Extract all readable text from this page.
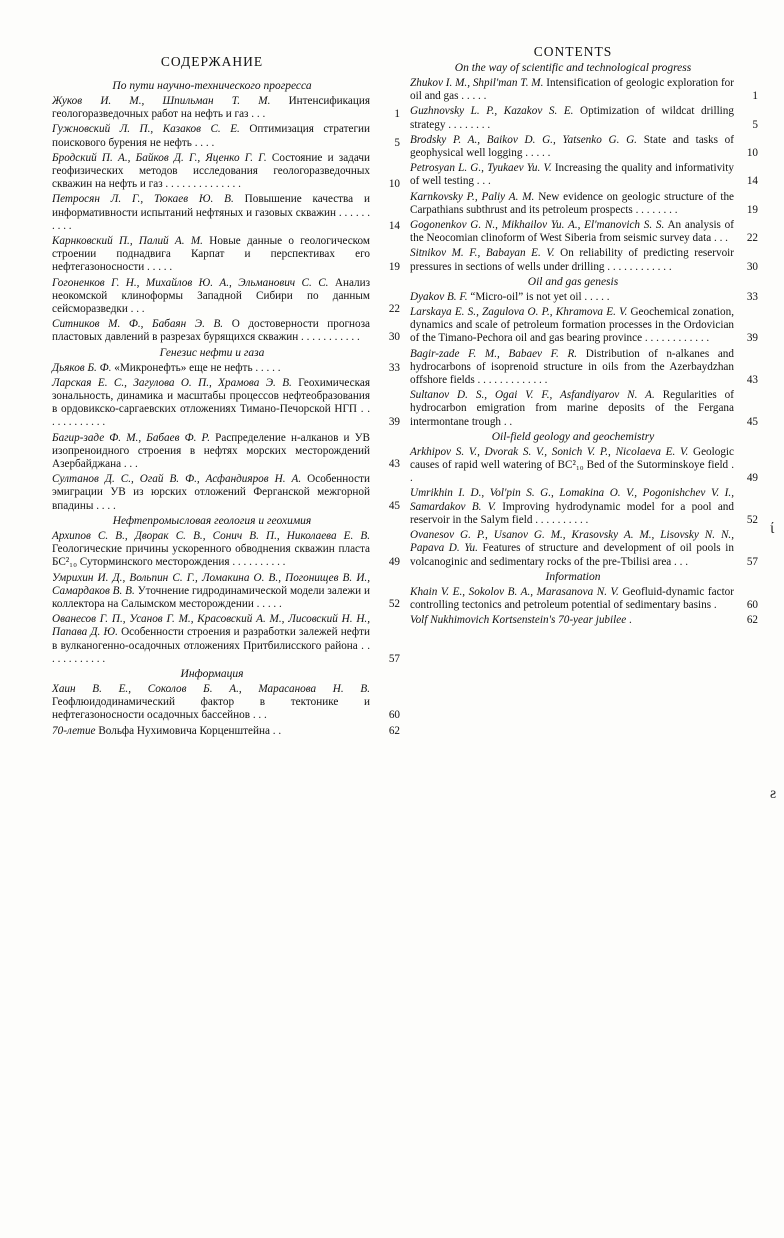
СОДЕРЖАНИЕ
По пути научно-технического прогресса
Жуков И. М., Шпильман Т. М. Интенсификация геологоразведочных работ на нефть и газ . . .	1
Гужновский Л. П., Казаков С. Е. Оптимизация стратегии поискового бурения не нефть . . . .	5
Бродский П. А., Байков Д. Г., Яценко Г. Г. Состояние и задачи геофизических методов исследования геологоразведочных скважин на нефть и газ . . . . . . . . . . . . . .	10
Петросян Л. Г., Тюкаев Ю. В. Повышение качества и информативности испытаний нефтяных и газовых скважин . . . . . . . . . .	14
Карнковский П., Палий А. М. Новые данные о геологическом строении поднадвига Карпат и перспективах его нефтегазоносности . . . . .	19
Гогоненков Г. Н., Михайлов Ю. А., Эльманович С. С. Анализ неокомской клиноформы Западной Сибири по данным сейсморазведки . . .	22
Ситников М. Ф., Бабаян Э. В. О достоверности прогноза пластовых давлений в разрезах бурящихся скважин . . . . . . . . . . .	30
Генезис нефти и газа
Дьяков Б. Ф. «Микронефть» еще не нефть . . . . .	33
Ларская Е. С., Загулова О. П., Храмова Э. В. Геохимическая зональность, динамика и масштабы процессов нефтеобразования в ордовикско-саргаевских отложениях Тимано-Печорской НГП . . . . . . . . . . . .	39
Багир-заде Ф. М., Бабаев Ф. Р. Распределение н-алканов и УВ изопреноидного строения в нефтях морских месторождений Азербайджана . . .	43
Султанов Д. С., Огай В. Ф., Асфандияров Н. А. Особенности эмиграции УВ из юрских отложений Ферганской межгорной впадины . . . .	45
Нефтепромысловая геология и геохимия
Архипов С. В., Дворак С. В., Сонич В. П., Николаева Е. В. Геологические причины ускоренного обводнения скважин пласта БС²₁₀ Суторминского месторождения . . . . . . . . . .	49
Умрихин И. Д., Вольпин С. Г., Ломакина О. В., Погонищев В. И., Самардаков В. В. Уточнение гидродинамической модели залежи и коллектора на Салымском месторождении . . . . .	52
Ованесов Г. П., Усанов Г. М., Красовский А. М., Лисовский Н. Н., Папава Д. Ю. Особенности строения и разработки залежей нефти в вулканогенно-осадочных отложениях Притбилисского района . . . . . . . . . . . .	57
Информация
Хаин В. Е., Соколов Б. А., Марасанова Н. В. Геофлюидодинамический фактор в тектонике и нефтегазоносности осадочных бассейнов . . .	60
70-летие Вольфа Нухимовича Корценштейна . .	62
CONTENTS
On the way of scientific and technological progress
Zhukov I. M., Shpil'man T. M. Intensification of geologic exploration for oil and gas . . . . .	1
Guzhnovsky L. P., Kazakov S. E. Optimization of wildcat drilling strategy . . . . . . . .	5
Brodsky P. A., Baikov D. G., Yatsenko G. G. State and tasks of geophysical well logging . . . . .	10
Petrosyan L. G., Tyukaev Yu. V. Increasing the quality and informativity of well testing . . .	14
Karnkovsky P., Paliy A. M. New evidence on geologic structure of the Carpathians subthrust and its petroleum prospects . . . . . . . .	19
Gogonenkov G. N., Mikhailov Yu. A., El'manovich S. S. An analysis of the Neocomian clinoform of West Siberia from seismic survey data . . .	22
Sitnikov M. F., Babayan E. V. On reliability of predicting reservoir pressures in sections of wells under drilling . . . . . . . . . . . .	30
Oil and gas genesis
Dyakov B. F. “Micro-oil” is not yet oil . . . . .	33
Larskaya E. S., Zagulova O. P., Khramova E. V. Geochemical zonation, dynamics and scale of petroleum formation processes in the Ordovician of the Timano-Pechora oil and gas bearing province . . . . . . . . . . . .	39
Bagir-zade F. M., Babaev F. R. Distribution of n-alkanes and hydrocarbons of isoprenoid structure in oils from the Azerbaydzhan offshore fields . . . . . . . . . . . . .	43
Sultanov D. S., Ogai V. F., Asfandiyarov N. A. Regularities of hydrocarbon emigration from marine deposits of the Fergana intermontane trough . .	45
Oil-field geology and geochemistry
Arkhipov S. V., Dvorak S. V., Sonich V. P., Nicolaeva E. V. Geologic causes of rapid well watering of BC²₁₀ Bed of the Sutorminskoye field . .	49
Umrikhin I. D., Vol'pin S. G., Lomakina O. V., Pogonishchev V. I., Samardakov B. V. Improving hydrodynamic model for a pool and reservoir in the Salym field . . . . . . . . . .	52
Ovanesov G. P., Usanov G. M., Krasovsky A. M., Lisovsky N. N., Papava D. Yu. Features of structure and development of oil pools in volcanoginic and sedimentary rocks of the pre-Tbilisi area . . .	57
Information
Khain V. E., Sokolov B. A., Marasanova N. V. Geofluid-dynamic factor controlling tectonics and petroleum potential of sedimentary basins .	60
Volf Nukhimovich Kortsenstein's 70-year jubilee .	62
ί
ƨ
